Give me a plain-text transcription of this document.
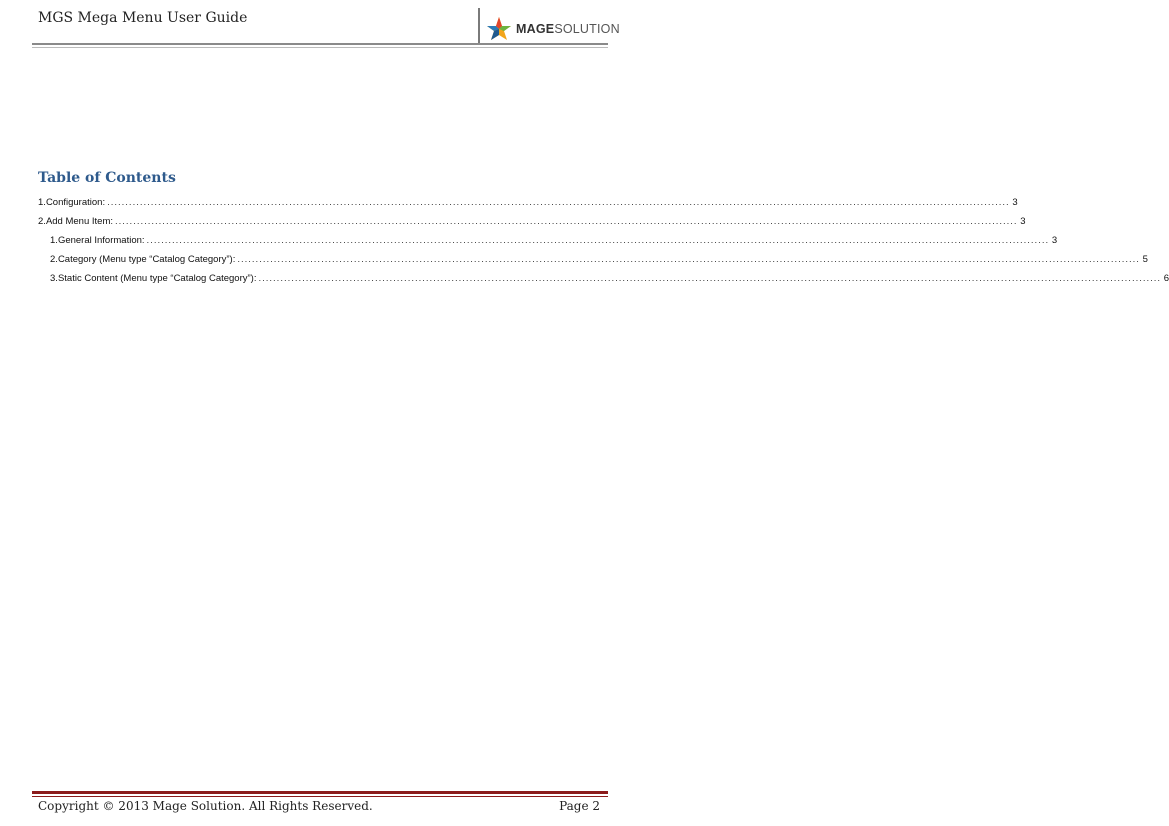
MGS Mega Menu User Guide
MAGESOLUTION
Table of Contents
1. Configuration: ........................................................................................................................................................................................................................................................ 3
2. Add Menu Item: ........................................................................................................................................................................................................................................................ 3
1. General Information: ........................................................................................................................................................................................................................................................ 3
2. Category (Menu type “Catalog Category”): ........................................................................................................................................................................................................................................................ 5
3. Static Content (Menu type “Catalog Category”): ........................................................................................................................................................................................................................................................ 6
Copyright © 2013 Mage Solution. All Rights Reserved.	Page 2
